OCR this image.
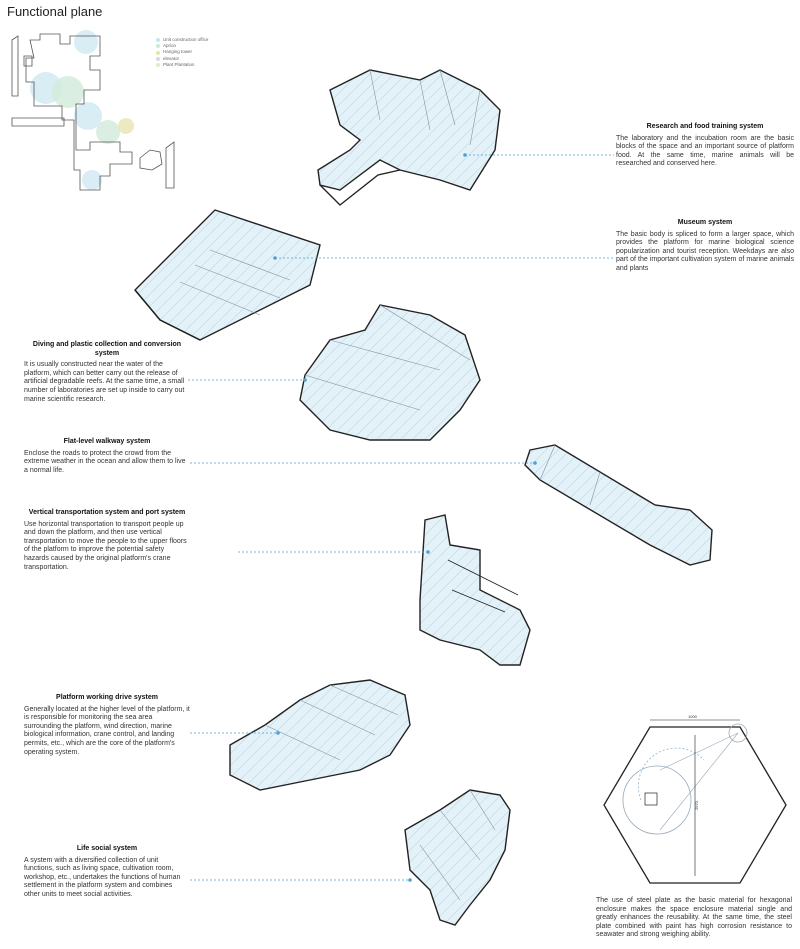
Functional plane
Unit construction office
Aprion
Hanging tower
elevator
Plant Plantation
1000
2970
Research and food training system
The laboratory and the incubation room are the basic blocks of the space and an important source of platform food. At the same time, marine animals will be researched and conserved here.
Museum system
The basic body is spliced to form a larger space, which provides the platform for marine biological science popularization and tourist reception. Weekdays are also part of the important cultivation system of marine animals and plants
Diving and plastic collection and conversion system
It is usually constructed near the water of the platform, which can better carry out the release of artiﬁcial degradable reefs. At the same time, a small number of laboratories are set up inside to carry out marine scientiﬁc research.
Flat-level walkway system
Enclose the roads to protect the crowd from the extreme weather in the ocean and allow them to live a normal life.
Vertical transportation system and port system
Use horizontal transportation to transport people up and down the platform, and then use vertical transportation to move the people to the upper floors of the platform to improve the potential safety hazards caused by the original platform's crane transportation.
Platform working drive system
Generally located at the higher level of the platform, it is responsible for monitoring the sea area surrounding the platform, wind direction, marine biological information, crane control, and landing permits, etc., which are the core of the platform's operating system.
Life social system
A system with a diversified collection of unit functions, such as living space, cultivation room, workshop, etc., undertakes the functions of human settlement in the platform system and combines other units to meet social activities.
The use of steel plate as the basic material for hexagonal enclosure makes the space enclosure material single and greatly enhances the reusability. At the same time, the steel plate combined with paint has high corrosion resistance to seawater and strong weighing ability.
